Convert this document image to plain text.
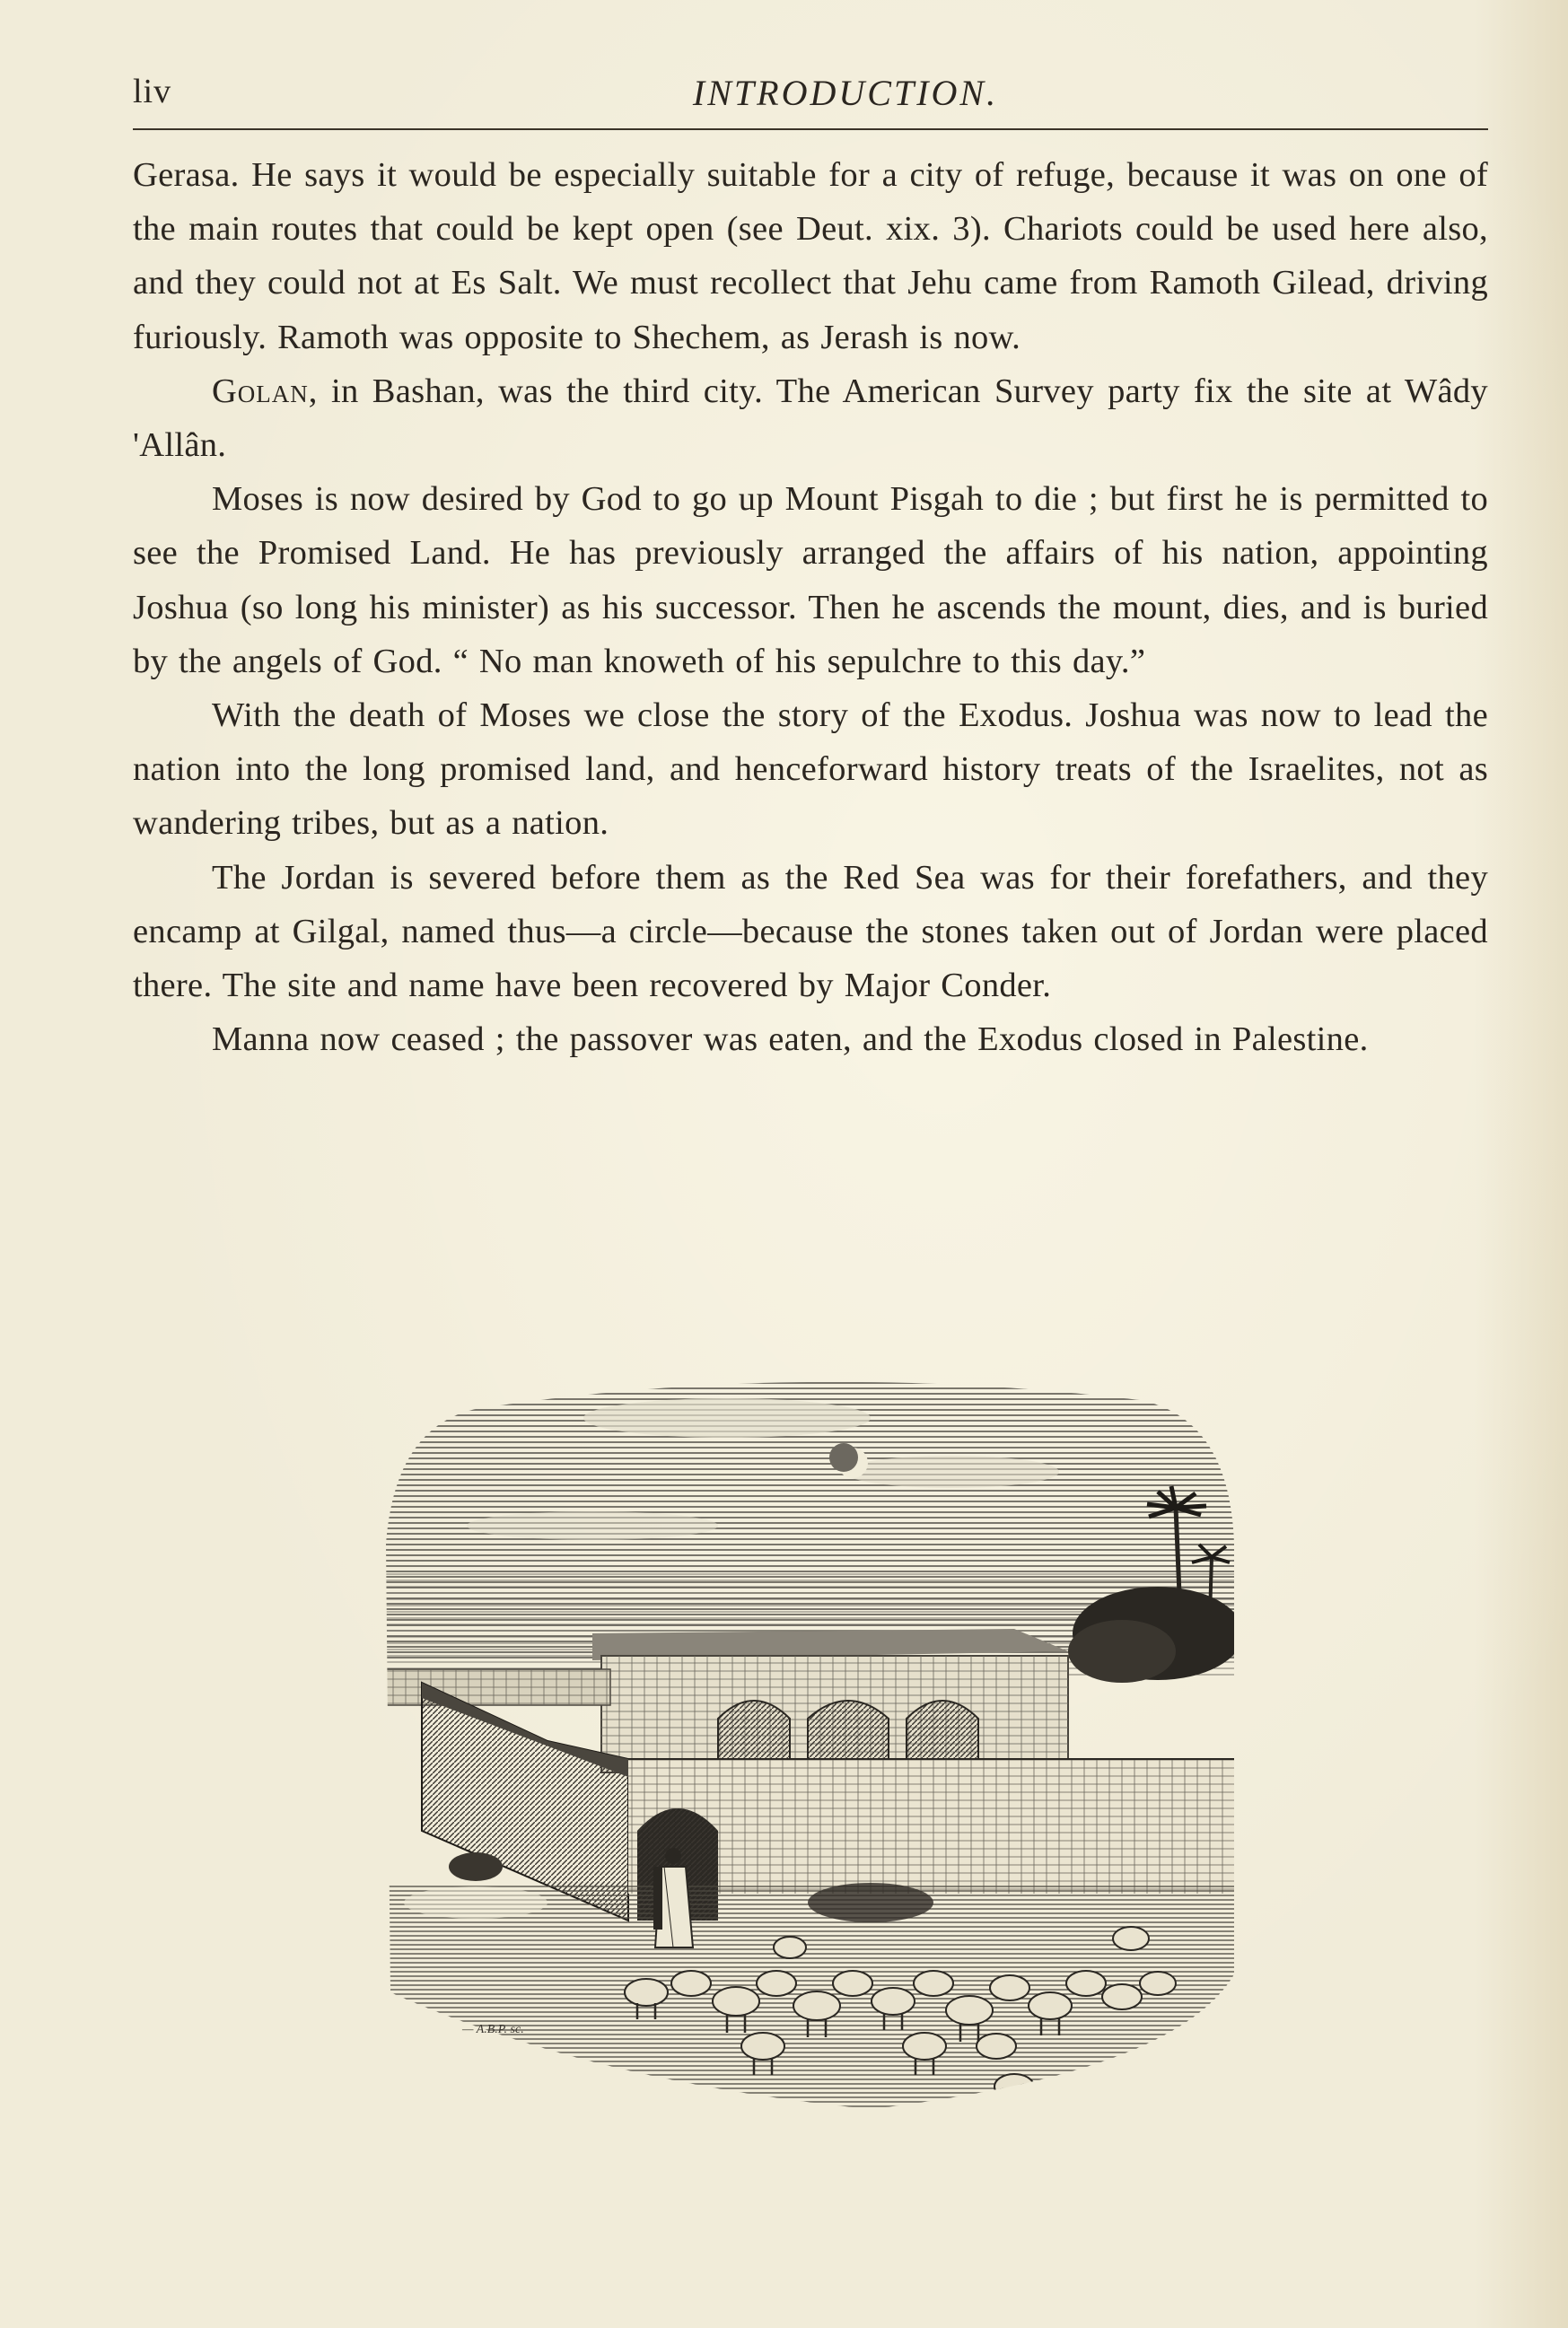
liv	INTRODUCTION.

Gerasa. He says it would be especially suitable for a city of refuge, because it was on one of the main routes that could be kept open (see Deut. xix. 3). Chariots could be used here also, and they could not at Es Salt. We must recollect that Jehu came from Ramoth Gilead, driving furiously. Ramoth was opposite to Shechem, as Jerash is now.

Golan, in Bashan, was the third city. The American Survey party fix the site at Wâdy 'Allân.

Moses is now desired by God to go up Mount Pisgah to die ; but first he is permitted to see the Promised Land. He has previously arranged the affairs of his nation, appointing Joshua (so long his minister) as his successor. Then he ascends the mount, dies, and is buried by the angels of God. “ No man knoweth of his sepulchre to this day.”

With the death of Moses we close the story of the Exodus. Joshua was now to lead the nation into the long promised land, and henceforward history treats of the Israelites, not as wandering tribes, but as a nation.

The Jordan is severed before them as the Red Sea was for their forefathers, and they encamp at Gilgal, named thus—a circle—because the stones taken out of Jordan were placed there. The site and name have been recovered by Major Conder.

Manna now ceased ; the passover was eaten, and the Exodus closed in Palestine.

— A.B.P. sc.
